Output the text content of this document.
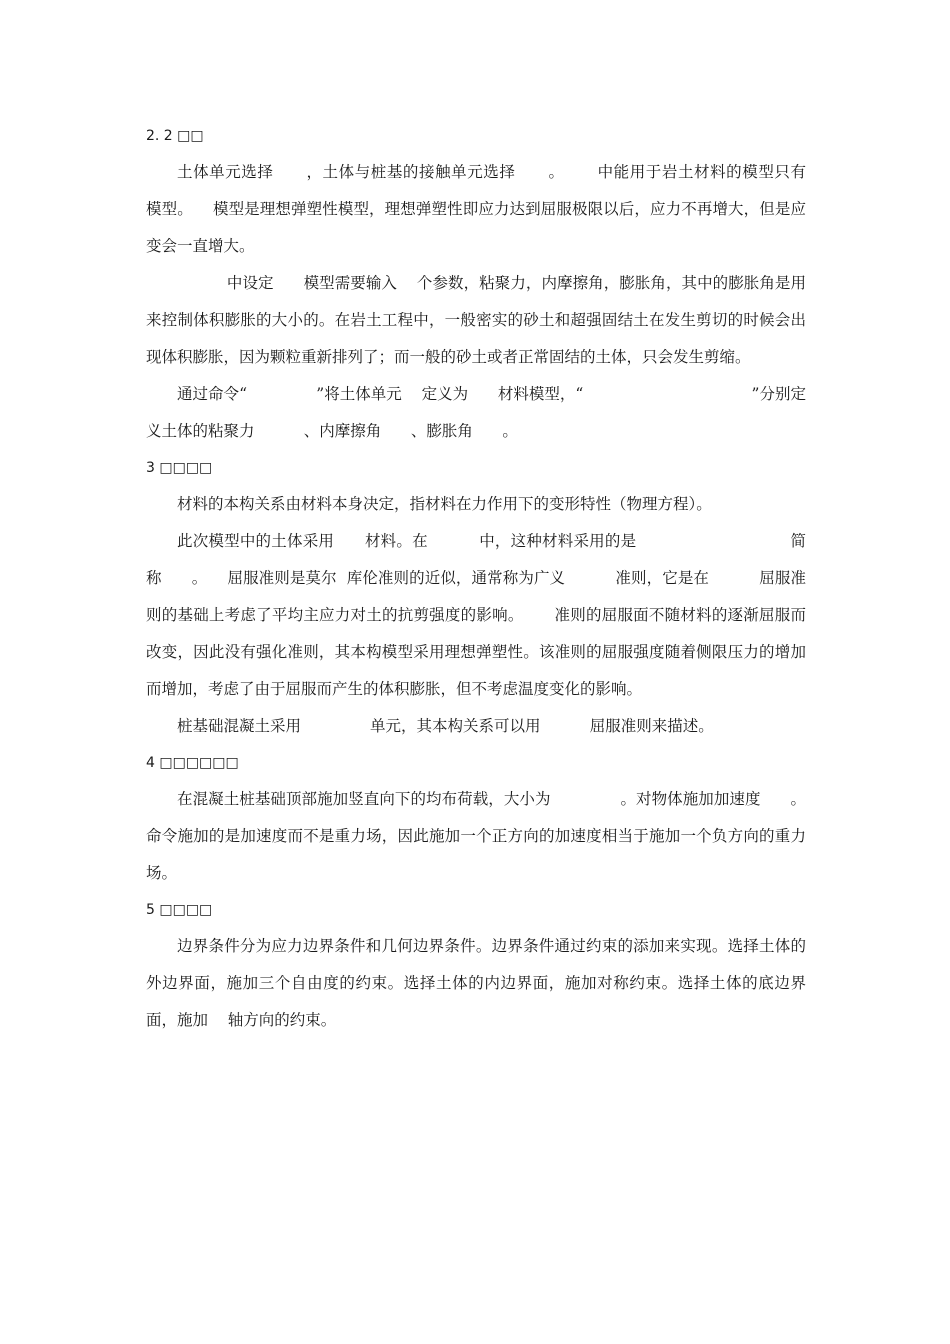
2. 2 □□

土体单元选择      ，土体与桩基的接触单元选择      。      中能用于岩土材料的模型只有      模型。    模型是理想弹塑性模型，理想弹塑性即应力达到屈服极限以后，应力不再增大，但是应变会一直增大。

中设定      模型需要输入    个参数，粘聚力，内摩擦角，膨胀角，其中的膨胀角是用来控制体积膨胀的大小的。在岩土工程中，一般密实的砂土和超强固结土在发生剪切的时候会出现体积膨胀，因为颗粒重新排列了；而一般的砂土或者正常固结的土体，只会发生剪缩。

通过命令“              ”将土体单元    定义为      材料模型，“                                  ”分别定义土体的粘聚力          、内摩擦角      、膨胀角      。

3 □□□□

材料的本构关系由材料本身决定，指材料在力作用下的变形特性（物理方程）。

此次模型中的土体采用      材料。在          中，这种材料采用的是                              简称      。    屈服准则是莫尔  库伦准则的近似，通常称为广义          准则，它是在          屈服准则的基础上考虑了平均主应力对土的抗剪强度的影响。      准则的屈服面不随材料的逐渐屈服而改变，因此没有强化准则，其本构模型采用理想弹塑性。该准则的屈服强度随着侧限压力的增加而增加，考虑了由于屈服而产生的体积膨胀，但不考虑温度变化的影响。

桩基础混凝土采用              单元，其本构关系可以用          屈服准则来描述。

4 □□□□□□

在混凝土桩基础顶部施加竖直向下的均布荷载，大小为              。对物体施加加速度      。        命令施加的是加速度而不是重力场，因此施加一个正方向的加速度相当于施加一个负方向的重力场。

5 □□□□

边界条件分为应力边界条件和几何边界条件。边界条件通过约束的添加来实现。选择土体的外边界面，施加三个自由度的约束。选择土体的内边界面，施加对称约束。选择土体的底边界面，施加    轴方向的约束。
